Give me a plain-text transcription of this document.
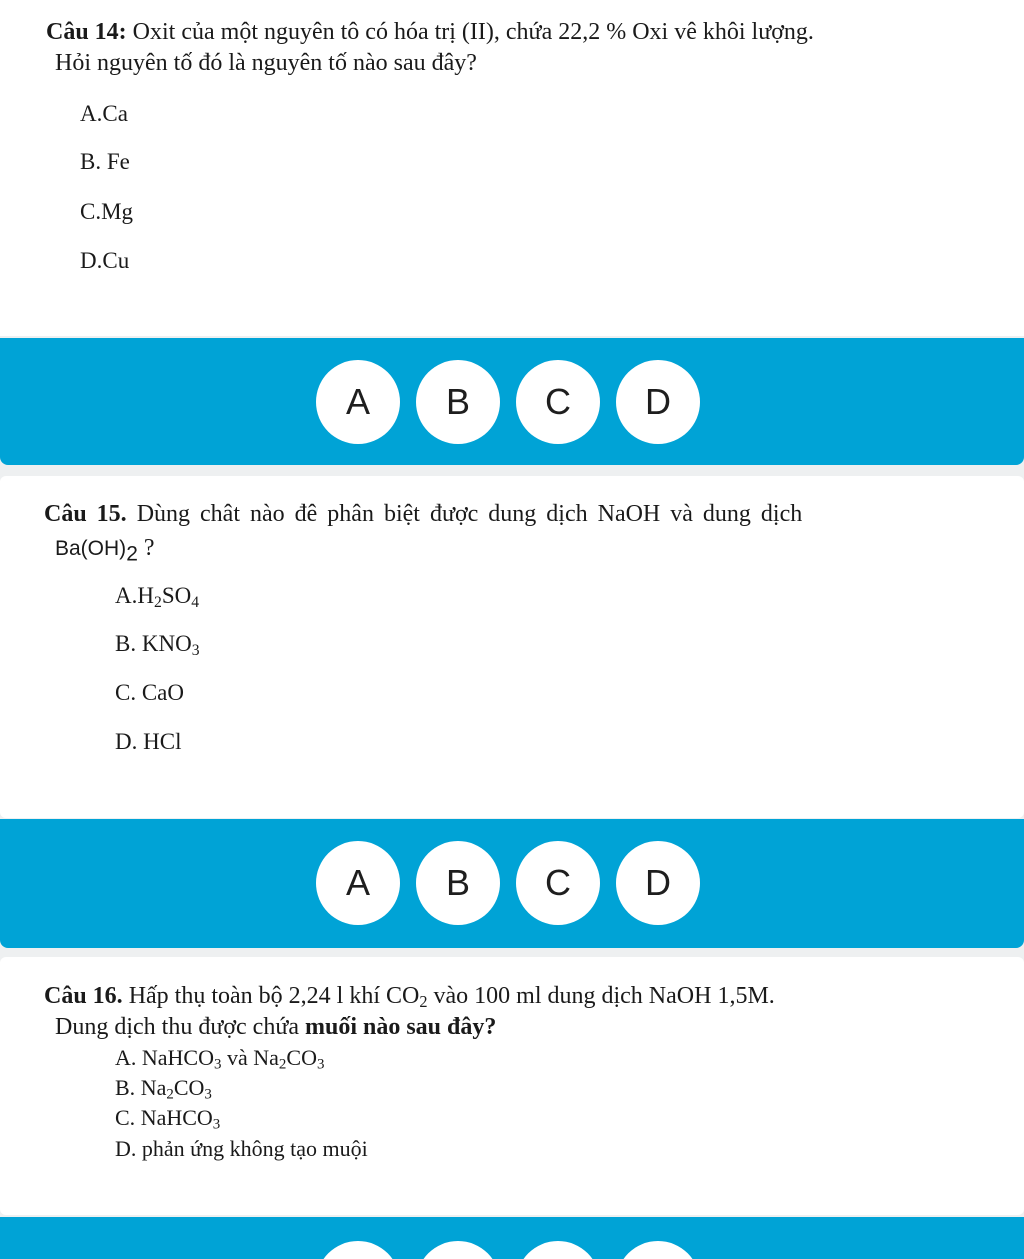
Câu 14: Oxit của một nguyên tô có hóa trị (II), chứa 22,2 % Oxi vê khôi lượng.
Hỏi nguyên tố đó là nguyên tố nào sau đây?
A.Ca
B. Fe
C.Mg
D.Cu
A	B	C	D
Câu 15. Dùng chât nào đê phân biệt được dung dịch NaOH và dung dịch
$Ba(OH)_2$ ?
$A.H_2SO_4$
B. $KNO_3$
C. CaO
D. HCl
A	B	C	D
Câu 16. Hấp thụ toàn bộ 2,24 l khí $CO_2$ vào 100 ml dung dịch NaOH 1,5M.
Dung dịch thu được chứa muối nào sau đây?
A. NaHCO$_3$ và $Na_2CO_3$
B. $Na_2CO_3$
C. NaHCO$_3$
D. phản ứng không tạo muội
